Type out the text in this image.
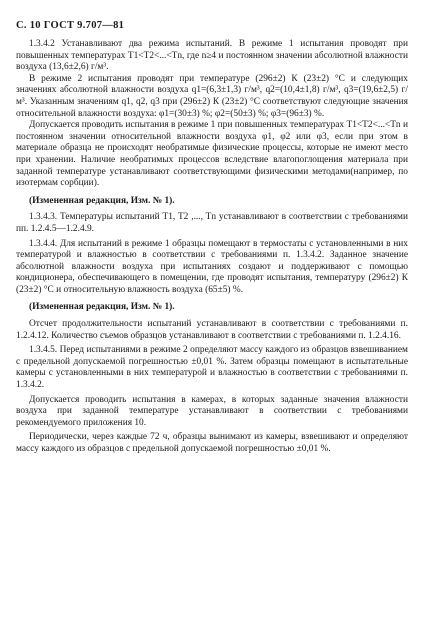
С. 10 ГОСТ 9.707—81

1.3.4.2 Устанавливают два режима испытаний. В режиме 1 испытания проводят при повышенных температурах T1<T2<...<Tn, где n≥4 и постоянном значении абсолютной влажности воздуха (13,6±2,6) г/м³.

В режиме 2 испытания проводят при температуре (296±2) К (23±2) °С и следующих значениях абсолютной влажности воздуха q1=(6,3±1,3) г/м³, q2=(10,4±1,8) г/м³, q3=(19,6±2,5) г/м³. Указанным значениям q1, q2, q3 при (296±2) К (23±2) °С соответствуют следующие значения относительной влажности воздуха: φ1=(30±3) %; φ2=(50±3) %; φ3=(96±3) %.

Допускается проводить испытания в режиме 1 при повышенных температурах T1<T2<...<Tn и постоянном значении относительной влажности воздуха φ1, φ2 или φ3, если при этом в материале образца не происходят необратимые физические процессы, которые не имеют место при хранении. Наличие необратимых процессов вследствие влагопоглощения материала при заданной температуре устанавливают соответствующими физическими методами(например, по изотермам сорбции).

(Измененная редакция, Изм. № 1).

1.3.4.3. Температуры испытаний T1, T2 ,..., Tn устанавливают в соответствии с требованиями пп. 1.2.4.5—1.2.4.9.

1.3.4.4. Для испытаний в режиме 1 образцы помещают в термостаты с установленными в них температурой и влажностью в соответствии с требованиями п. 1.3.4.2. Заданное значение абсолютной влажности воздуха при испытаниях создают и поддерживают с помощью кондиционера, обеспечивающего в помещении, где проводят испытания, температуру (296±2) К (23±2) °С и относительную влажность воздуха (65±5) %.

(Измененная редакция, Изм. № 1).

Отсчет продолжительности испытаний устанавливают в соответствии с требованиями п. 1.2.4.12. Количество съемов образцов устанавливают в соответствии с требованиями п. 1.2.4.16.

1.3.4.5. Перед испытаниями в режиме 2 определяют массу каждого из образцов взвешиванием с предельной допускаемой погрешностью ±0,01 %. Затем образцы помещают в испытательные камеры с установленными в них температурой и влажностью в соответствии с требованиями п. 1.3.4.2.

Допускается проводить испытания в камерах, в которых заданные значения влажности воздуха при заданной температуре устанавливают в соответствии с требованиями рекомендуемого приложения 10.

Периодически, через каждые 72 ч, образцы вынимают из камеры, взвешивают и определяют массу каждого из образцов с предельной допускаемой погрешностью ±0,01 %.
